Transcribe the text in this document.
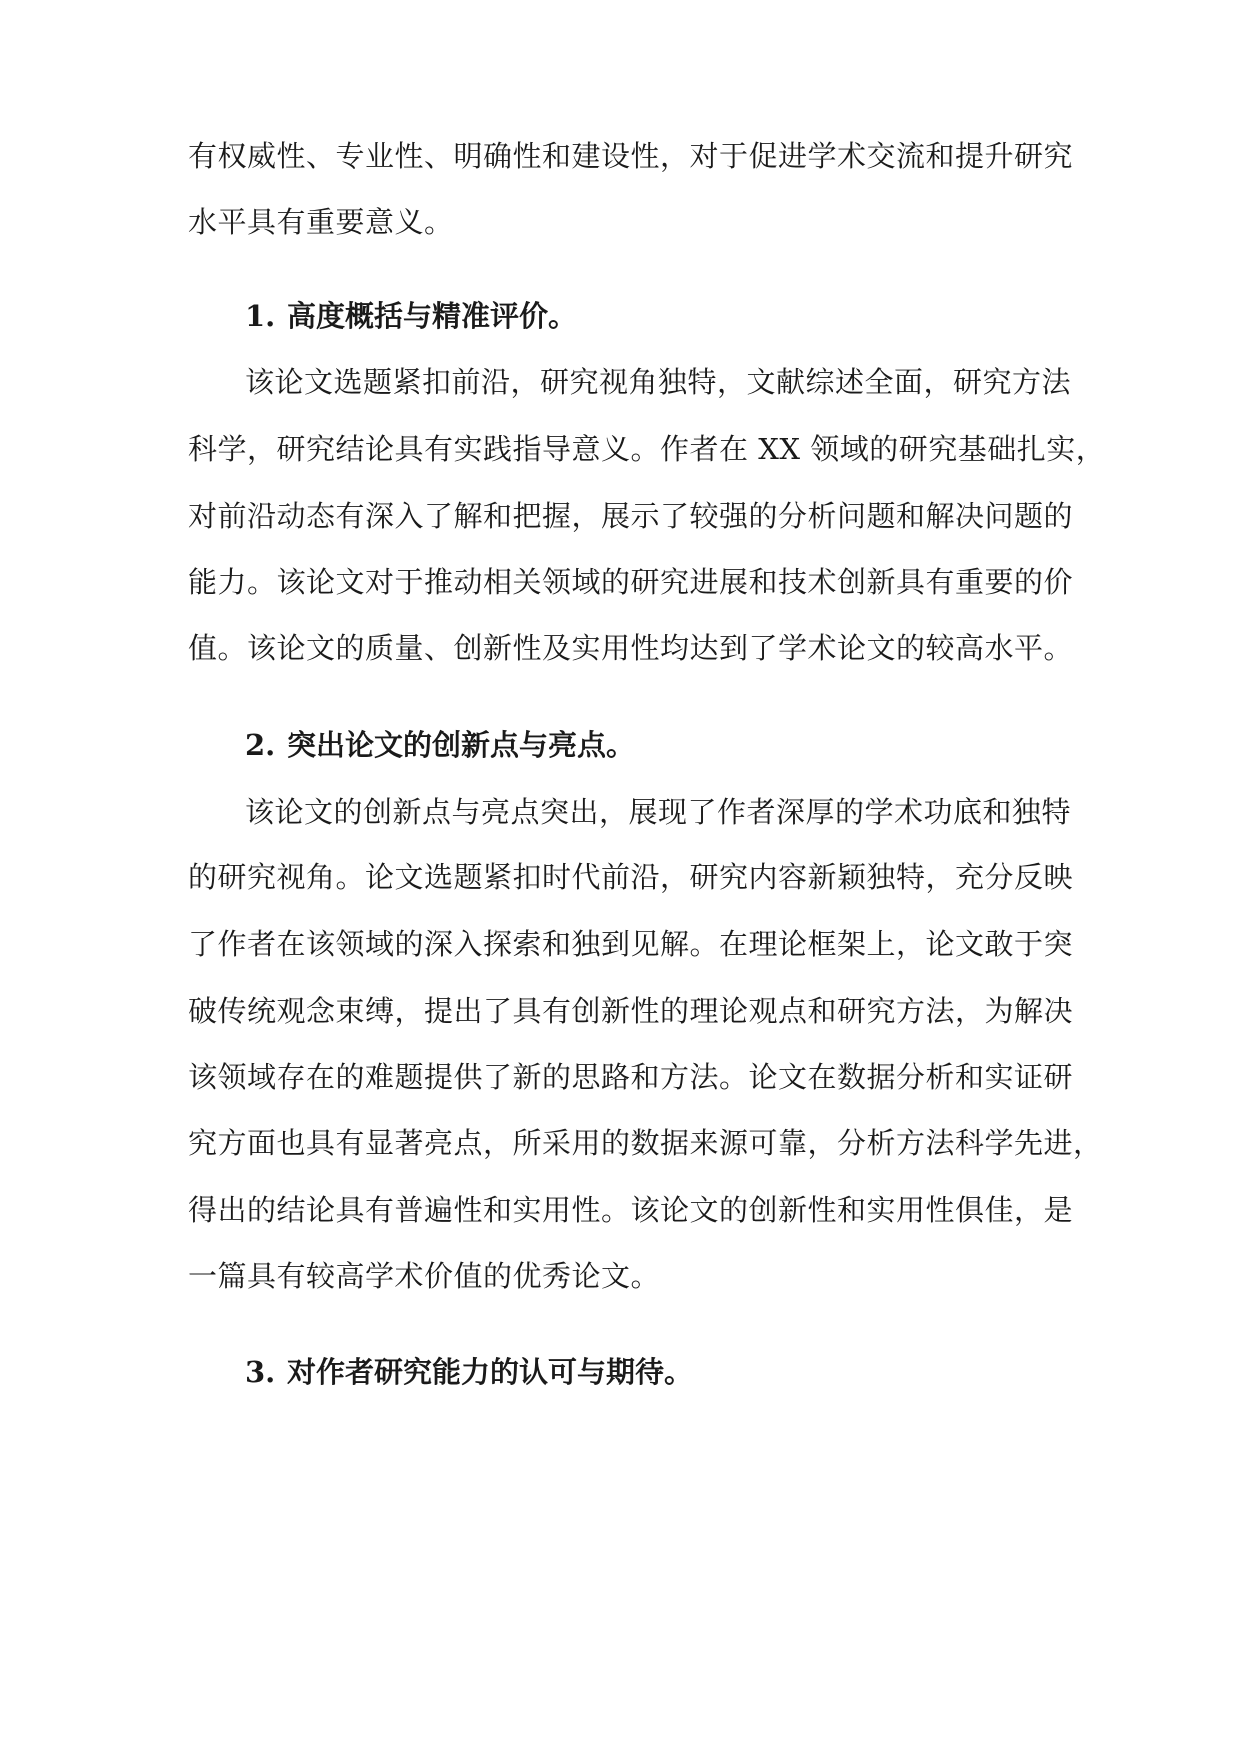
有权威性、专业性、明确性和建设性，对于促进学术交流和提升研究
水平具有重要意义。
1. 高度概括与精准评价。
该论文选题紧扣前沿，研究视角独特，文献综述全面，研究方法
科学，研究结论具有实践指导意义。作者在 XX 领域的研究基础扎实，
对前沿动态有深入了解和把握，展示了较强的分析问题和解决问题的
能力。该论文对于推动相关领域的研究进展和技术创新具有重要的价
值。该论文的质量、创新性及实用性均达到了学术论文的较高水平。
2. 突出论文的创新点与亮点。
该论文的创新点与亮点突出，展现了作者深厚的学术功底和独特
的研究视角。论文选题紧扣时代前沿，研究内容新颖独特，充分反映
了作者在该领域的深入探索和独到见解。在理论框架上，论文敢于突
破传统观念束缚，提出了具有创新性的理论观点和研究方法，为解决
该领域存在的难题提供了新的思路和方法。论文在数据分析和实证研
究方面也具有显著亮点，所采用的数据来源可靠，分析方法科学先进，
得出的结论具有普遍性和实用性。该论文的创新性和实用性俱佳，是
一篇具有较高学术价值的优秀论文。
3. 对作者研究能力的认可与期待。
